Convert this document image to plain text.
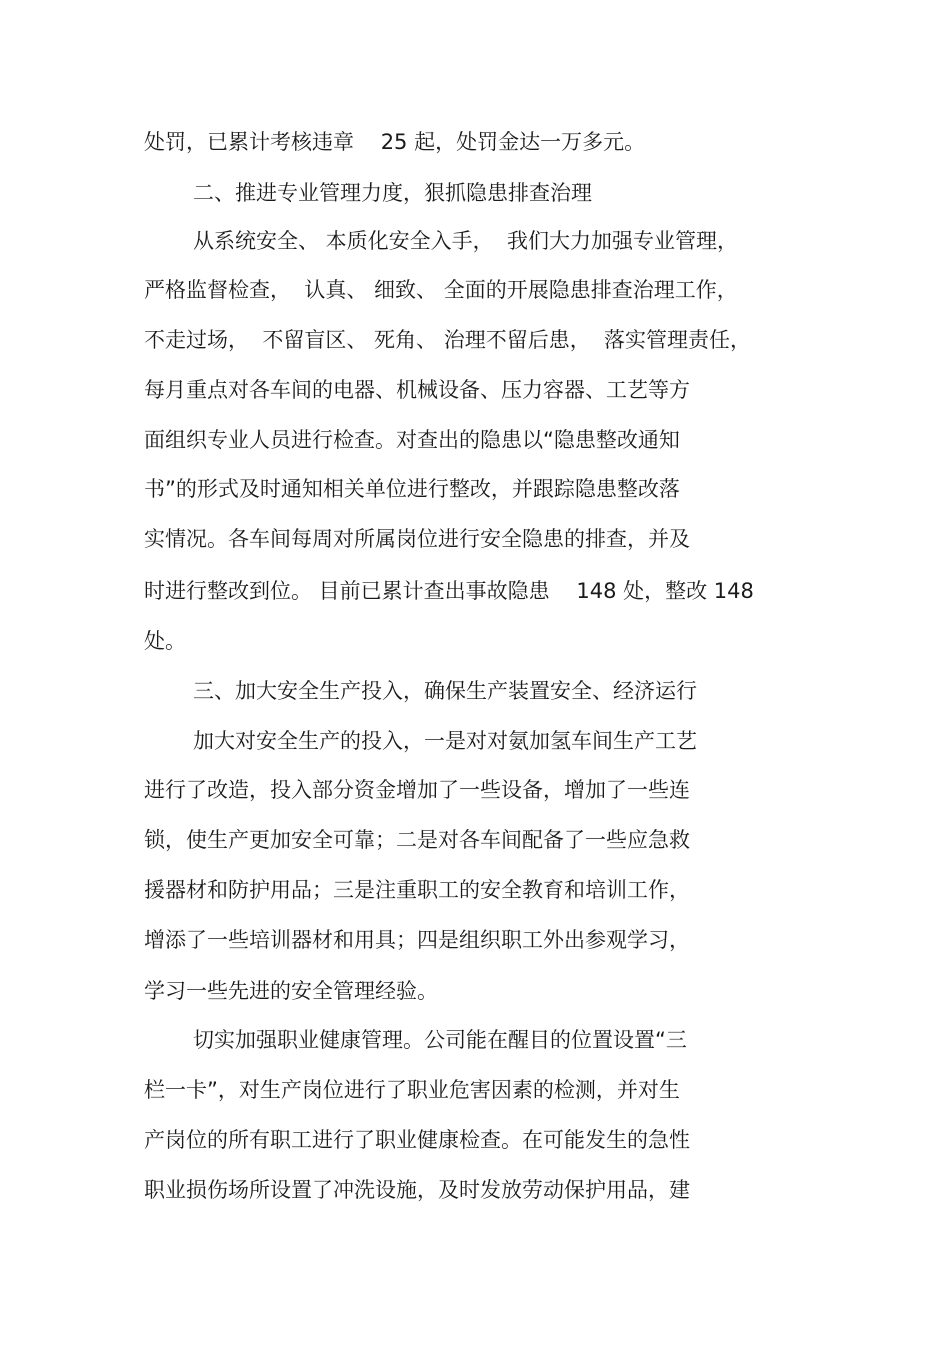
处罚，已累计考核违章    25 起，处罚金达一万多元。

二、推进专业管理力度，狠抓隐患排查治理

从系统安全、 本质化安全入手，  我们大力加强专业管理，

严格监督检查，  认真、 细致、 全面的开展隐患排查治理工作，

不走过场，  不留盲区、 死角、 治理不留后患，  落实管理责任，

每月重点对各车间的电器、机械设备、压力容器、工艺等方

面组织专业人员进行检查。对查出的隐患以“隐患整改通知

书”的形式及时通知相关单位进行整改，并跟踪隐患整改落

实情况。各车间每周对所属岗位进行安全隐患的排查，并及

时进行整改到位。 目前已累计查出事故隐患    148 处，整改 148

处。

三、加大安全生产投入，确保生产装置安全、经济运行

加大对安全生产的投入，一是对对氨加氢车间生产工艺

进行了改造，投入部分资金增加了一些设备，增加了一些连

锁，使生产更加安全可靠；二是对各车间配备了一些应急救

援器材和防护用品；三是注重职工的安全教育和培训工作，

增添了一些培训器材和用具；四是组织职工外出参观学习，

学习一些先进的安全管理经验。

切实加强职业健康管理。公司能在醒目的位置设置“三

栏一卡”，对生产岗位进行了职业危害因素的检测，并对生

产岗位的所有职工进行了职业健康检查。在可能发生的急性

职业损伤场所设置了冲洗设施，及时发放劳动保护用品，建
